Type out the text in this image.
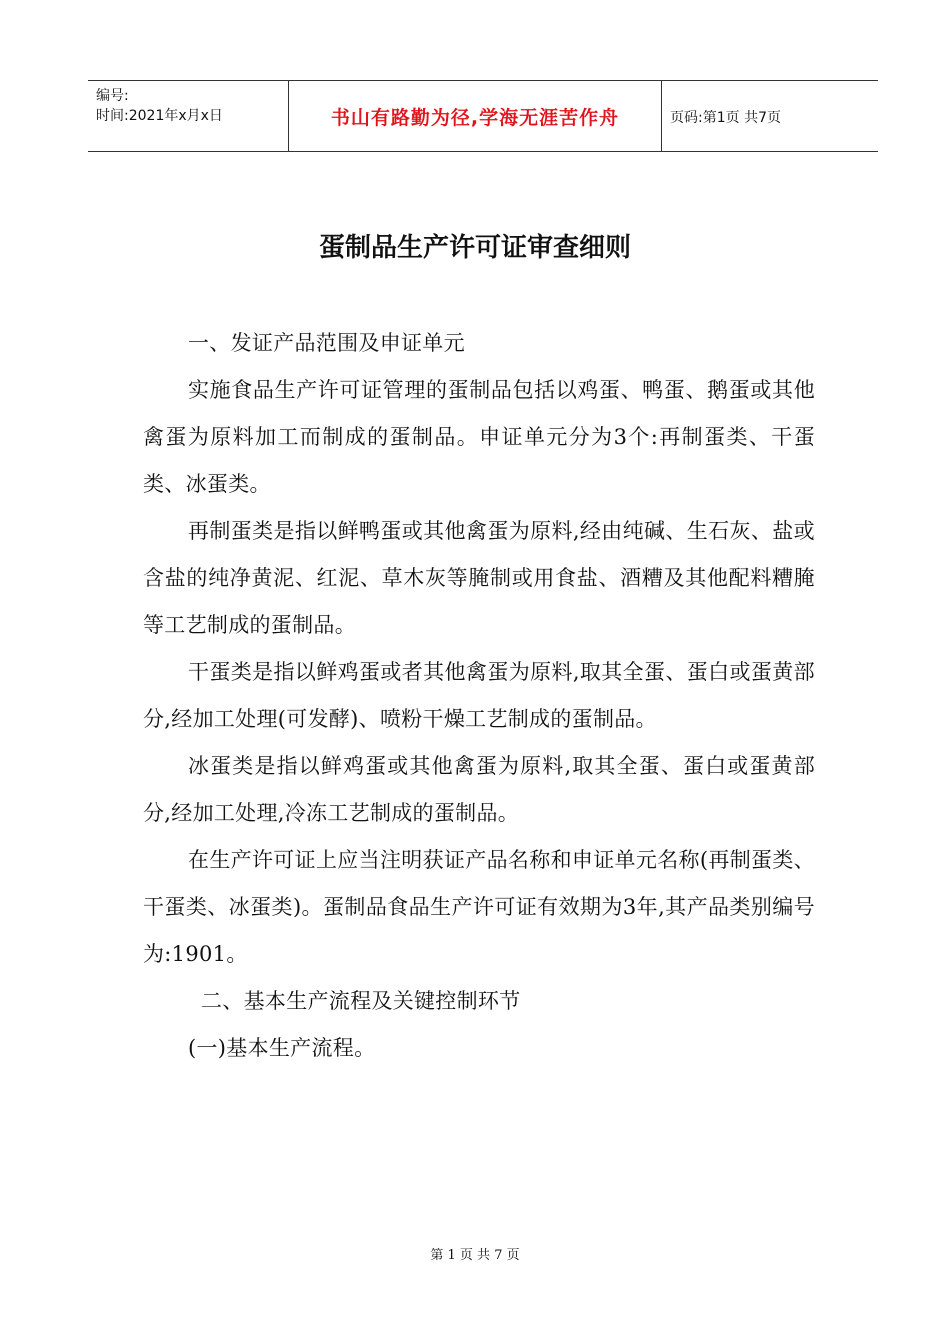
编号:
时间:2021年x月x日	书山有路勤为径,学海无涯苦作舟	页码:第1页 共7页
蛋制品生产许可证审查细则

一、发证产品范围及申证单元

实施食品生产许可证管理的蛋制品包括以鸡蛋、鸭蛋、鹅蛋或其他禽蛋为原料加工而制成的蛋制品。申证单元分为3个:再制蛋类、干蛋类、冰蛋类。

再制蛋类是指以鲜鸭蛋或其他禽蛋为原料,经由纯碱、生石灰、盐或含盐的纯净黄泥、红泥、草木灰等腌制或用食盐、酒糟及其他配料糟腌等工艺制成的蛋制品。

干蛋类是指以鲜鸡蛋或者其他禽蛋为原料,取其全蛋、蛋白或蛋黄部分,经加工处理(可发酵)、喷粉干燥工艺制成的蛋制品。

冰蛋类是指以鲜鸡蛋或其他禽蛋为原料,取其全蛋、蛋白或蛋黄部分,经加工处理,冷冻工艺制成的蛋制品。

在生产许可证上应当注明获证产品名称和申证单元名称(再制蛋类、干蛋类、冰蛋类)。蛋制品食品生产许可证有效期为3年,其产品类别编号为:1901。

二、基本生产流程及关键控制环节

(一)基本生产流程。

第 1 页 共 7 页
